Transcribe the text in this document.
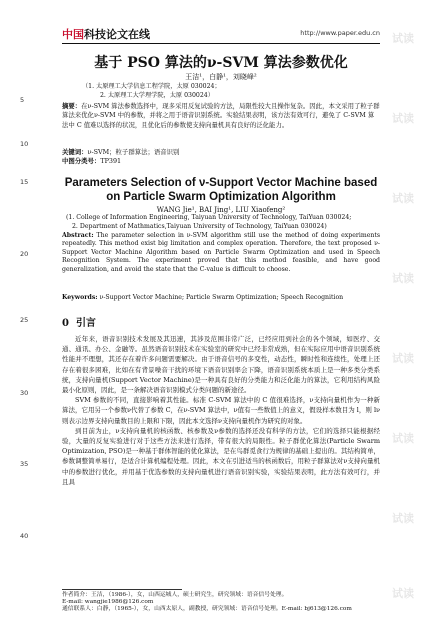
中国科技论文在线	http://www.paper.edu.cn 试读
试读
试读
试读
试读
试读
试读
试读
5
10
15
20
25
30
35
40
基于 PSO 算法的ν-SVM 算法参数优化
王洁¹，白静¹，刘晓峰²
（1. 太原理工大学信息工程学院，太原 030024；
2. 太原理工大学理学院，太原 030024）
摘要：在ν-SVM 算法参数选择中，现多采用反复试验的方法，局限性较大且操作复杂。因此，本文采用了粒子群算法来优化ν-SVM 中的参数，并将之用于语音识别系统。实验结果表明，该方法有效可行，避免了 C-SVM 算法中 C 值难以选择的状况，且优化后的参数使支持向量机具有良好的泛化能力。
关键词：ν-SVM；粒子群算法；语音识别
中图分类号：TP391
Parameters Selection of ν-Support Vector Machine based on Particle Swarm Optimization Algorithm
WANG Jie¹, BAI Jing¹, LIU Xiaofeng²
(1. College of Information Engineering, Taiyuan University of Technology, TaiYuan 030024;
2. Department of Mathmatics,Taiyuan University of Technology, TaiYuan 030024)
Abstract: The parameter selection in ν-SVM algorithm still use the method of doing experiments repeatedly. This method exist big limitation and complex operation. Therefore, the text proposed ν-Support Vector Machine Algorithm based on Particle Swarm Optimization and used in Speech Recognition System. The experiment proved that this method feasible, and have good generalization, and avoid the state that the C-value is difficult to choose.
Keywords: ν-Support Vector Machine; Particle Swarm Optimization; Speech Recognition
0 引言

近年来，语音识别技术发展及其迅速，其涉及范围非常广泛，已经应用到社会的各个领域，如医疗、交通、通讯、办公、金融等。虽然语音识别技术在实验室的研究中已经非常成熟，但在实际应用中语音识别系统性能并不理想，其还存在着许多问题需要解决。由于语音信号的多变性，动态性，瞬时性和连续性，处理上还存在着很多困难，比如在有背景噪音干扰的环境下语音识别率会下降，语音识别系统本质上是一种多类分类系统，支持向量机(Support Vector Machine)是一种具有良好的分类能力和泛化能力的算法，它利用结构风险最小化原则，因此，是一条解决语音识别模式分类问题的新途径。

SVM 参数的不同，直接影响着其性能。标准 C-SVM 算法中的 C 值很难选择，ν支持向量机作为一种新算法，它用另一个参数ν代替了参数 C，在ν-SVM 算法中，ν值有一些数值上的意义，假设样本数目为 l，则 lν则表示边界支持向量数目的上限和下限，因此本文选择ν支持向量机作为研究的对象。

到目前为止，ν支持向量机的核函数、核参数及ν参数的选择还没有科学的方法，它们的选择只能根据经验，大量的反复实验进行对于这些方法来进行选择，带有很大的局限性。粒子群优化算法(Particle Swarm Optimization, PSO)是一种基于群体智能的优化算法，是在鸟群觅食行为规律的基础上提出的。其结构简单，参数调整简单易行，是适合计算机编程处理。因此，本文在引进适当的核函数后，用粒子群算法对ν支持向量机中的参数进行优化，并用基于优选参数的支持向量机进行语音识别实验，实验结果表明，此方法有效可行，并且具

作者简介：王洁，（1986-），女，山西运城人，硕士研究生，研究领域：语音信号处理。
E-mail: wangjie1986@126.com
通信联系人：白静，（1965-），女，山西太原人，副教授，研究领域：语音信号处理。E-mail: bj613@126.com
